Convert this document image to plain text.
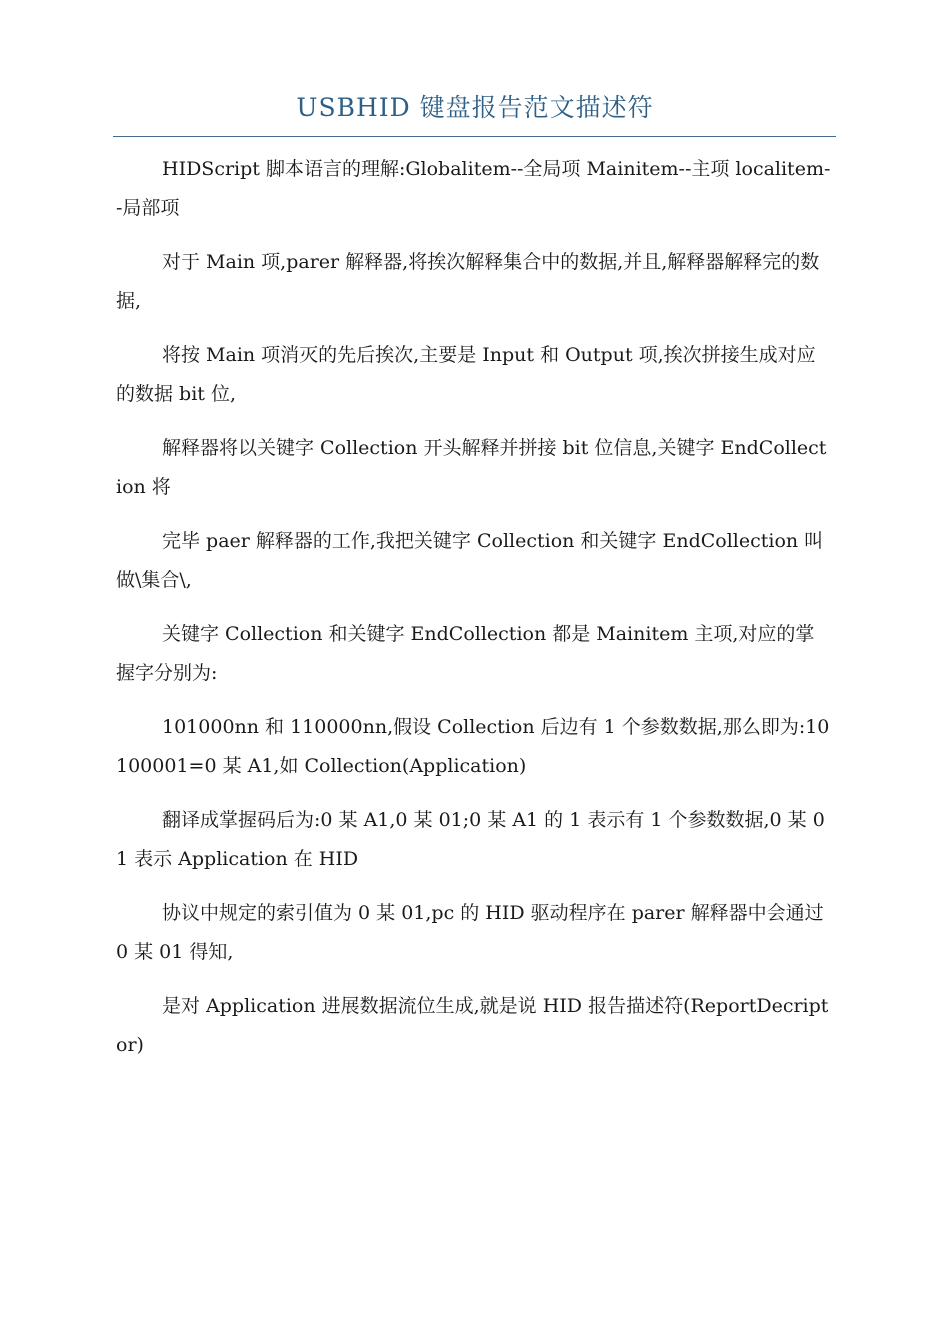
USBHID 键盘报告范文描述符

HIDScript 脚本语言的理解:Globalitem--全局项 Mainitem--主项 localitem--局部项

对于 Main 项,parer 解释器,将挨次解释集合中的数据,并且,解释器解释完的数据,

将按 Main 项消灭的先后挨次,主要是 Input 和 Output 项,挨次拼接生成对应的数据 bit 位,

解释器将以关键字 Collection 开头解释并拼接 bit 位信息,关键字 EndCollection 将

完毕 paer 解释器的工作,我把关键字 Collection 和关键字 EndCollection 叫做\集合\,

关键字 Collection 和关键字 EndCollection 都是 Mainitem 主项,对应的掌握字分别为:

101000nn 和 110000nn,假设 Collection 后边有 1 个参数数据,那么即为:10100001=0 某 A1,如 Collection(Application)

翻译成掌握码后为:0 某 A1,0 某 01;0 某 A1 的 1 表示有 1 个参数数据,0 某 01 表示 Application 在 HID

协议中规定的索引值为 0 某 01,pc 的 HID 驱动程序在 parer 解释器中会通过 0 某 01 得知,

是对 Application 进展数据流位生成,就是说 HID 报告描述符(ReportDecriptor)
